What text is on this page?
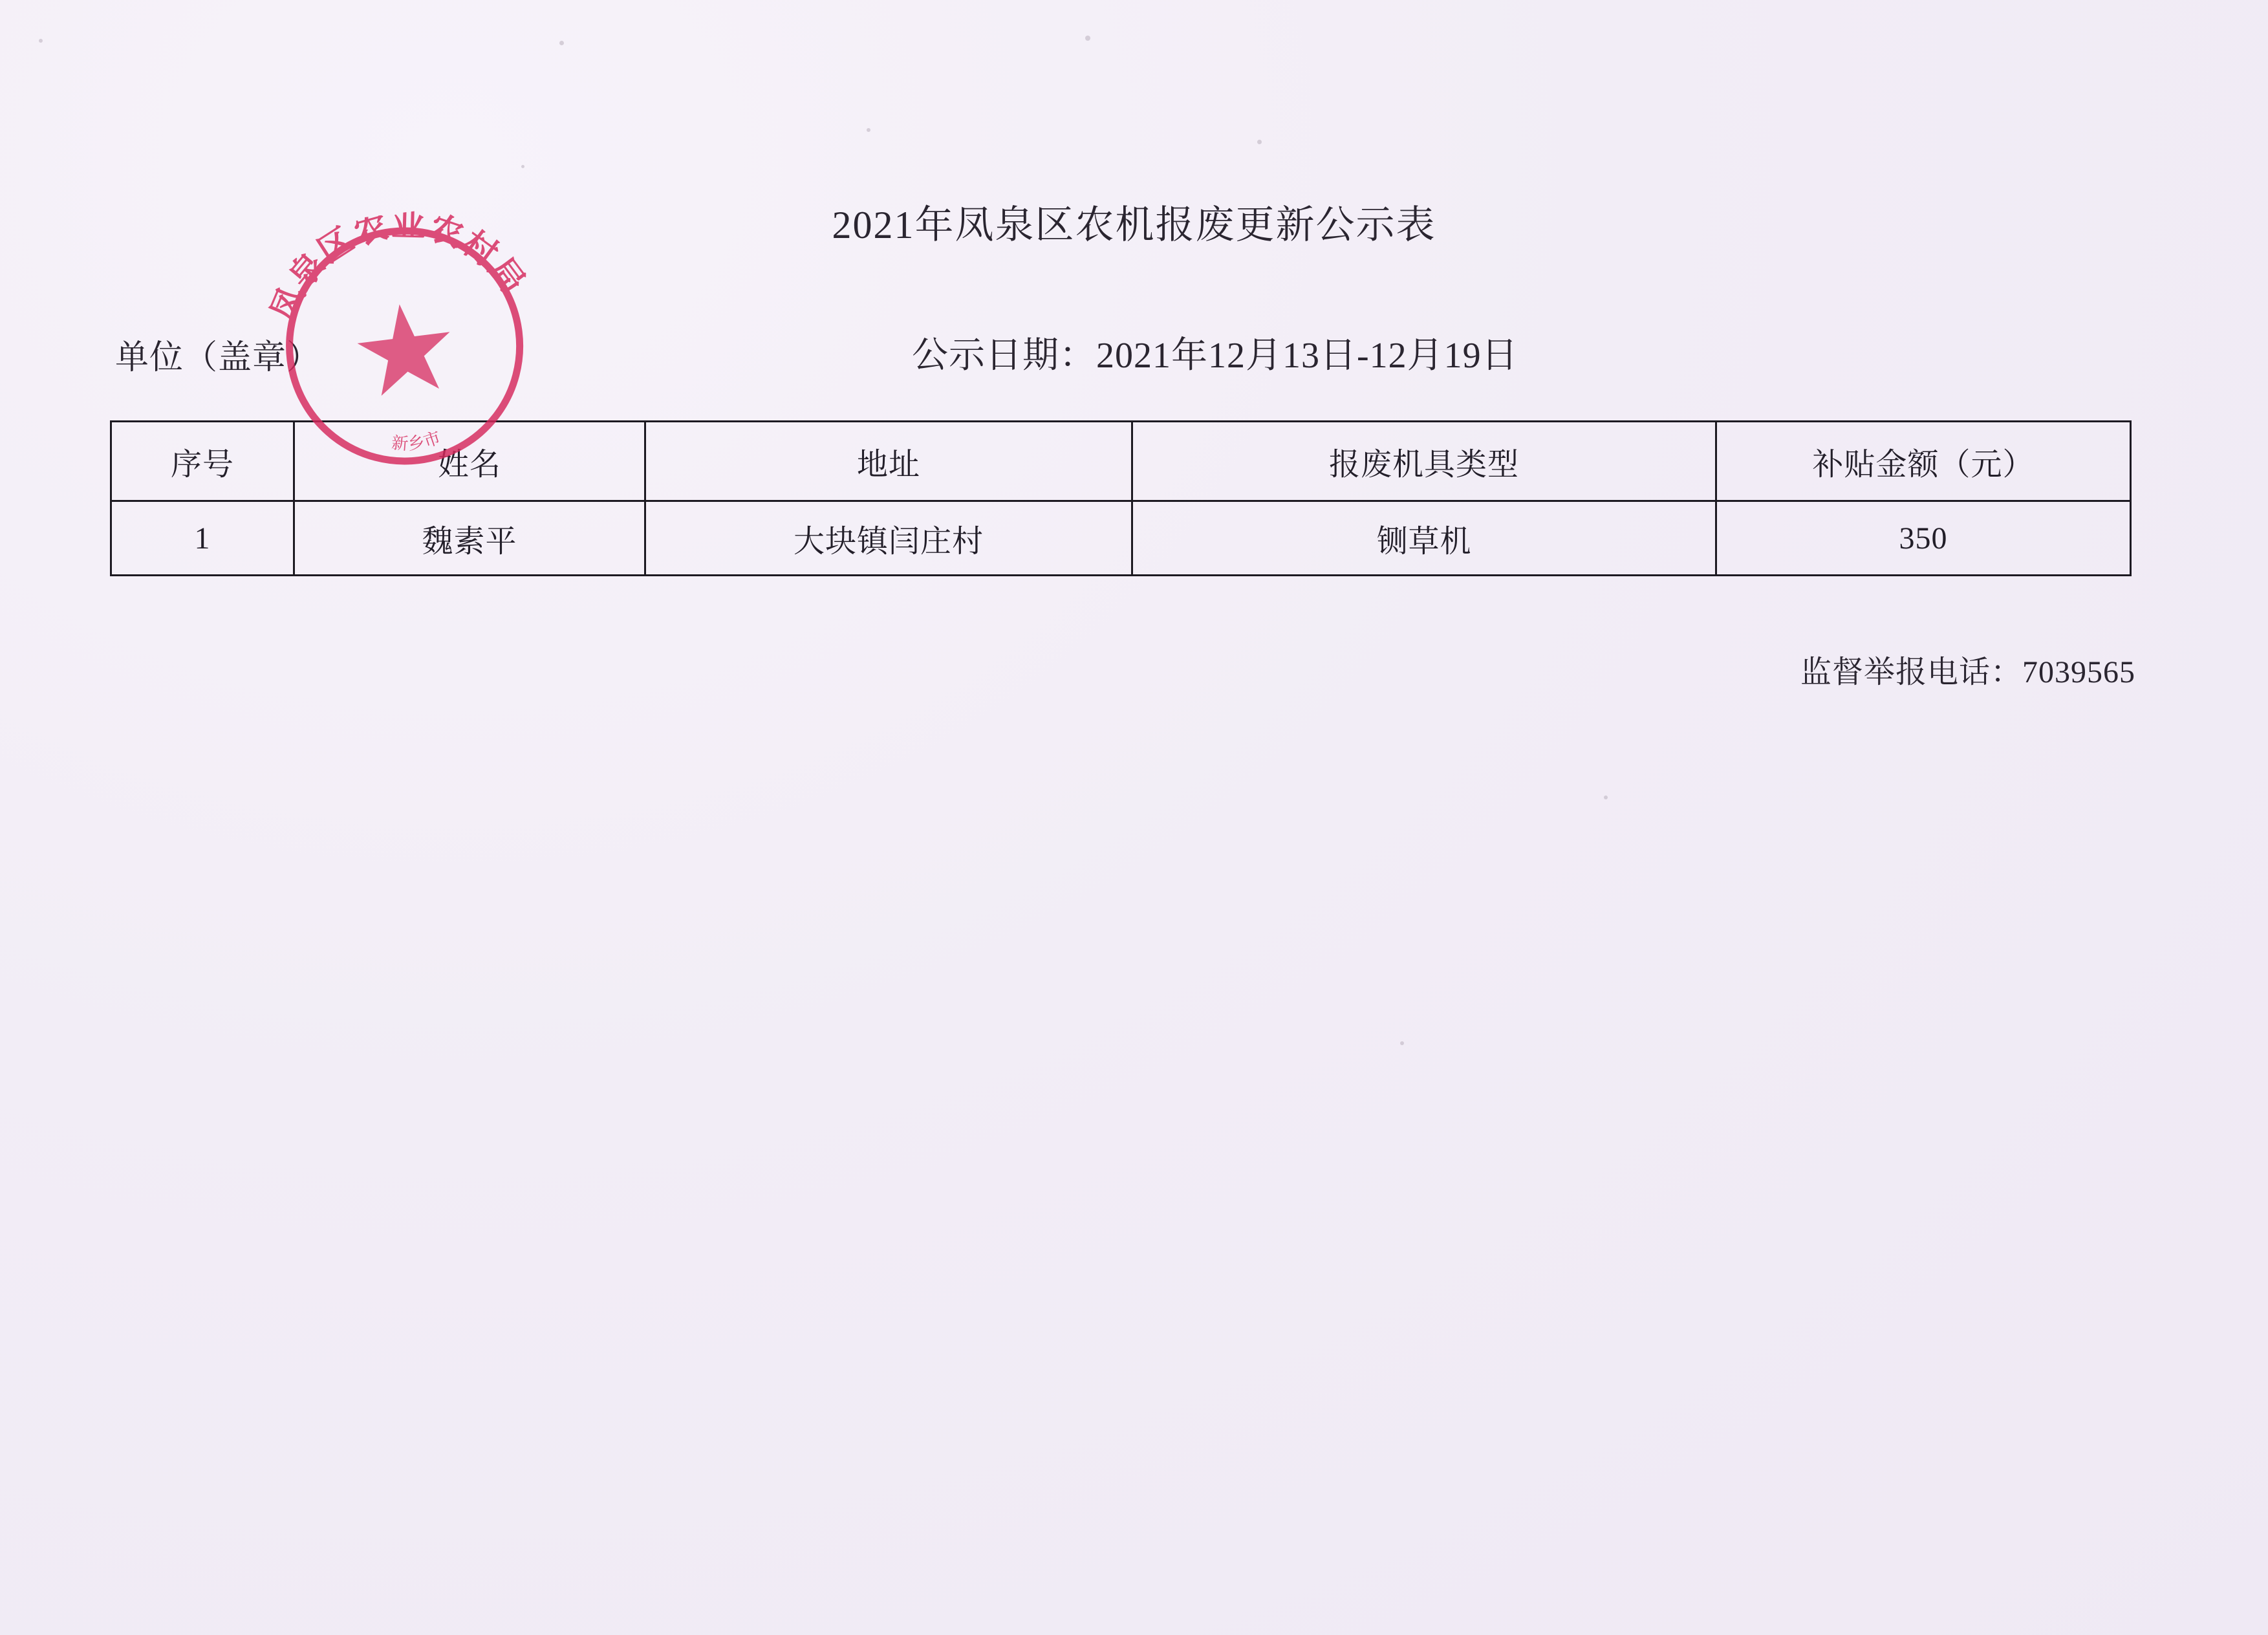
2021年凤泉区农机报废更新公示表
单位（盖章）	公示日期：2021年12月13日-12月19日
序号	姓名	地址	报废机具类型	补贴金额（元）
1	魏素平	大块镇闫庄村	铡草机	350
监督举报电话：7039565
凤泉区农业农村局
新乡市
